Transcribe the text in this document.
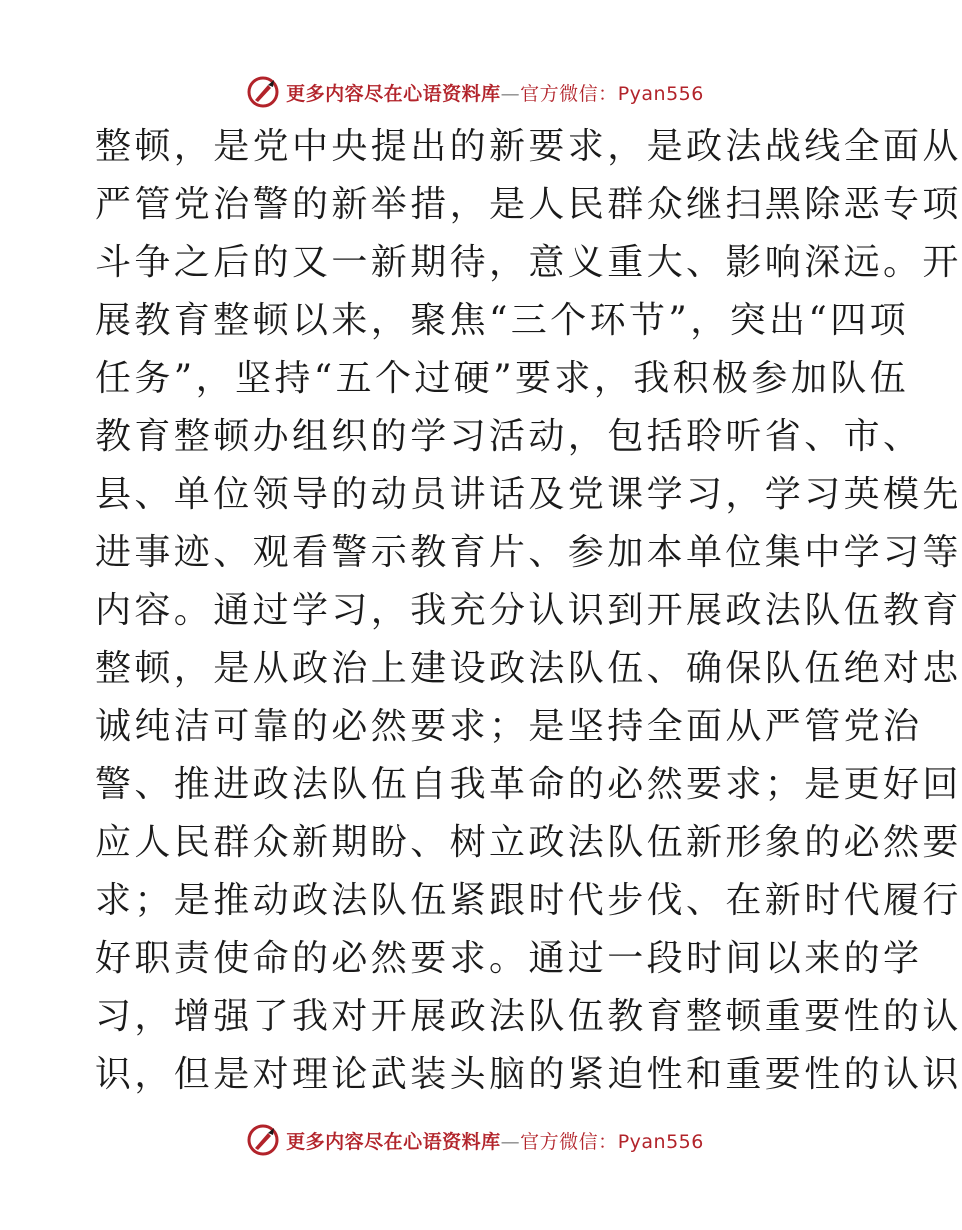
更多内容尽在心语资料库—官方微信：Pyan556
整顿，是党中央提出的新要求，是政法战线全面从
严管党治警的新举措，是人民群众继扫黑除恶专项
斗争之后的又一新期待，意义重大、影响深远。开
展教育整顿以来，聚焦“三个环节”，突出“四项
任务”，坚持“五个过硬”要求，我积极参加队伍
教育整顿办组织的学习活动，包括聆听省、市、
县、单位领导的动员讲话及党课学习，学习英模先
进事迹、观看警示教育片、参加本单位集中学习等
内容。通过学习，我充分认识到开展政法队伍教育
整顿，是从政治上建设政法队伍、确保队伍绝对忠
诚纯洁可靠的必然要求；是坚持全面从严管党治
警、推进政法队伍自我革命的必然要求；是更好回
应人民群众新期盼、树立政法队伍新形象的必然要
求；是推动政法队伍紧跟时代步伐、在新时代履行
好职责使命的必然要求。通过一段时间以来的学
习，增强了我对开展政法队伍教育整顿重要性的认
识，但是对理论武装头脑的紧迫性和重要性的认识
更多内容尽在心语资料库—官方微信：Pyan556
